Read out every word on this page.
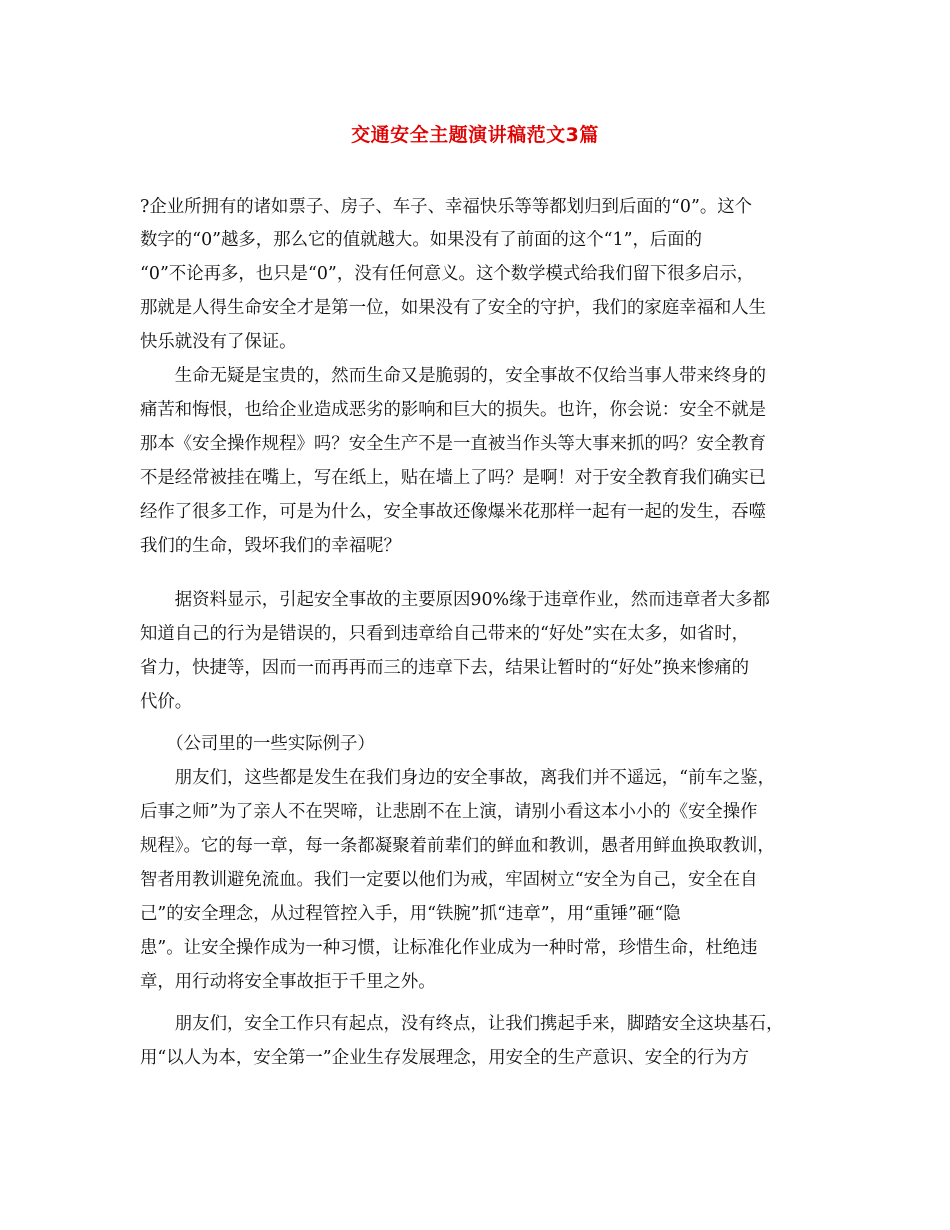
交通安全主题演讲稿范文3篇
?企业所拥有的诸如票子、房子、车子、幸福快乐等等都划归到后面的“0”。这个
数字的“0”越多，那么它的值就越大。如果没有了前面的这个“1”，后面的
“0”不论再多，也只是“0”，没有任何意义。这个数学模式给我们留下很多启示，
那就是人得生命安全才是第一位，如果没有了安全的守护，我们的家庭幸福和人生
快乐就没有了保证。
　　生命无疑是宝贵的，然而生命又是脆弱的，安全事故不仅给当事人带来终身的
痛苦和悔恨，也给企业造成恶劣的影响和巨大的损失。也许，你会说：安全不就是
那本《安全操作规程》吗？安全生产不是一直被当作头等大事来抓的吗？安全教育
不是经常被挂在嘴上，写在纸上，贴在墙上了吗？是啊！对于安全教育我们确实已
经作了很多工作，可是为什么，安全事故还像爆米花那样一起有一起的发生，吞噬
我们的生命，毁坏我们的幸福呢？
　　据资料显示，引起安全事故的主要原因90%缘于违章作业，然而违章者大多都
知道自己的行为是错误的，只看到违章给自己带来的“好处”实在太多，如省时，
省力，快捷等，因而一而再再而三的违章下去，结果让暂时的“好处”换来惨痛的
代价。
　　（公司里的一些实际例子）
　　朋友们，这些都是发生在我们身边的安全事故，离我们并不遥远，“前车之鉴，
后事之师”为了亲人不在哭啼，让悲剧不在上演，请别小看这本小小的《安全操作
规程》。它的每一章，每一条都凝聚着前辈们的鲜血和教训，愚者用鲜血换取教训，
智者用教训避免流血。我们一定要以他们为戒，牢固树立“安全为自己，安全在自
己”的安全理念，从过程管控入手，用“铁腕”抓“违章”，用“重锤”砸“隐
患”。让安全操作成为一种习惯，让标准化作业成为一种时常，珍惜生命，杜绝违
章，用行动将安全事故拒于千里之外。
　　朋友们，安全工作只有起点，没有终点，让我们携起手来，脚踏安全这块基石，
用“以人为本，安全第一”企业生存发展理念，用安全的生产意识、安全的行为方
